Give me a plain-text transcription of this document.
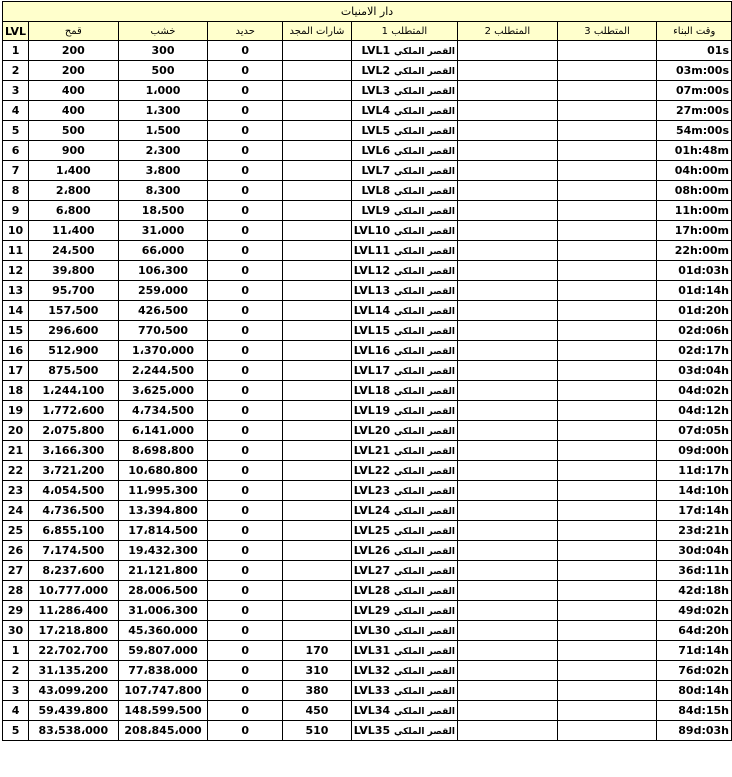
دار الامنيات								
LVL	قمح	خشب	حديد	شارات المجد	المتطلب 1	المتطلب 2	المتطلب 3	وقت البناء
1	200	300	0		LVL1 القصر الملكي			01s
2	200	500	0		LVL2 القصر الملكي			03m:00s
3	400	1،000	0		LVL3 القصر الملكي			07m:00s
4	400	1،300	0		LVL4 القصر الملكي			27m:00s
5	500	1،500	0		LVL5 القصر الملكي			54m:00s
6	900	2،300	0		LVL6 القصر الملكي			01h:48m
7	1،400	3،800	0		LVL7 القصر الملكي			04h:00m
8	2،800	8،300	0		LVL8 القصر الملكي			08h:00m
9	6،800	18،500	0		LVL9 القصر الملكي			11h:00m
10	11،400	31،000	0		LVL10 القصر الملكي			17h:00m
11	24،500	66،000	0		LVL11 القصر الملكي			22h:00m
12	39،800	106،300	0		LVL12 القصر الملكي			01d:03h
13	95،700	259،000	0		LVL13 القصر الملكي			01d:14h
14	157،500	426،500	0		LVL14 القصر الملكي			01d:20h
15	296،600	770،500	0		LVL15 القصر الملكي			02d:06h
16	512،900	1،370،000	0		LVL16 القصر الملكي			02d:17h
17	875،500	2،244،500	0		LVL17 القصر الملكي			03d:04h
18	1،244،100	3،625،000	0		LVL18 القصر الملكي			04d:02h
19	1،772،600	4،734،500	0		LVL19 القصر الملكي			04d:12h
20	2،075،800	6،141،000	0		LVL20 القصر الملكي			07d:05h
21	3،166،300	8،698،800	0		LVL21 القصر الملكي			09d:00h
22	3،721،200	10،680،800	0		LVL22 القصر الملكي			11d:17h
23	4،054،500	11،995،300	0		LVL23 القصر الملكي			14d:10h
24	4،736،500	13،394،800	0		LVL24 القصر الملكي			17d:14h
25	6،855،100	17،814،500	0		LVL25 القصر الملكي			23d:21h
26	7،174،500	19،432،300	0		LVL26 القصر الملكي			30d:04h
27	8،237،600	21،121،800	0		LVL27 القصر الملكي			36d:11h
28	10،777،000	28،006،500	0		LVL28 القصر الملكي			42d:18h
29	11،286،400	31،006،300	0		LVL29 القصر الملكي			49d:02h
30	17،218،800	45،360،000	0		LVL30 القصر الملكي			64d:20h
1	22،702،700	59،807،000	0	170	LVL31 القصر الملكي			71d:14h
2	31،135،200	77،838،000	0	310	LVL32 القصر الملكي			76d:02h
3	43،099،200	107،747،800	0	380	LVL33 القصر الملكي			80d:14h
4	59،439،800	148،599،500	0	450	LVL34 القصر الملكي			84d:15h
5	83،538،000	208،845،000	0	510	LVL35 القصر الملكي			89d:03h
